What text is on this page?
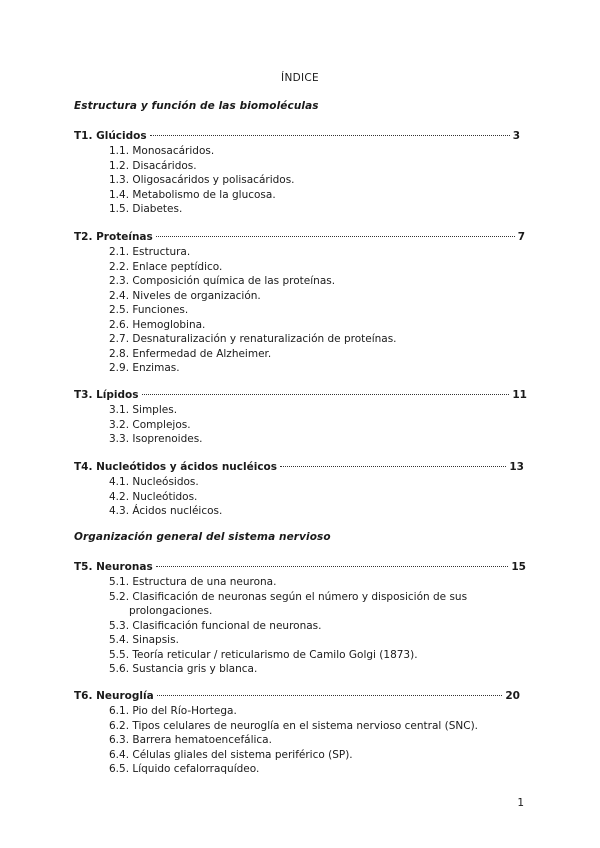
ÍNDICE
Estructura y función de las biomoléculas
T1. Glúcidos	3
1.1. Monosacáridos.
1.2. Disacáridos.
1.3. Oligosacáridos y polisacáridos.
1.4. Metabolismo de la glucosa.
1.5. Diabetes.
T2. Proteínas	7
2.1. Estructura.
2.2. Enlace peptídico.
2.3. Composición química de las proteínas.
2.4. Niveles de organización.
2.5. Funciones.
2.6. Hemoglobina.
2.7. Desnaturalización y renaturalización de proteínas.
2.8. Enfermedad de Alzheimer.
2.9. Enzimas.
T3. Lípidos	11
3.1. Simples.
3.2. Complejos.
3.3. Isoprenoides.
T4. Nucleótidos y ácidos nucléicos	13
4.1. Nucleósidos.
4.2. Nucleótidos.
4.3. Ácidos nucléicos.
Organización general del sistema nervioso
T5. Neuronas	15
5.1. Estructura de una neurona.
5.2. Clasificación de neuronas según el número y disposición de sus prolongaciones.
5.3. Clasificación funcional de neuronas.
5.4. Sinapsis.
5.5. Teoría reticular / reticularismo de Camilo Golgi (1873).
5.6. Sustancia gris y blanca.
T6. Neuroglía	20
6.1. Pio del Río-Hortega.
6.2. Tipos celulares de neuroglía en el sistema nervioso central (SNC).
6.3. Barrera hematoencefálica.
6.4. Células gliales del sistema periférico (SP).
6.5. Líquido cefalorraquídeo.
1
